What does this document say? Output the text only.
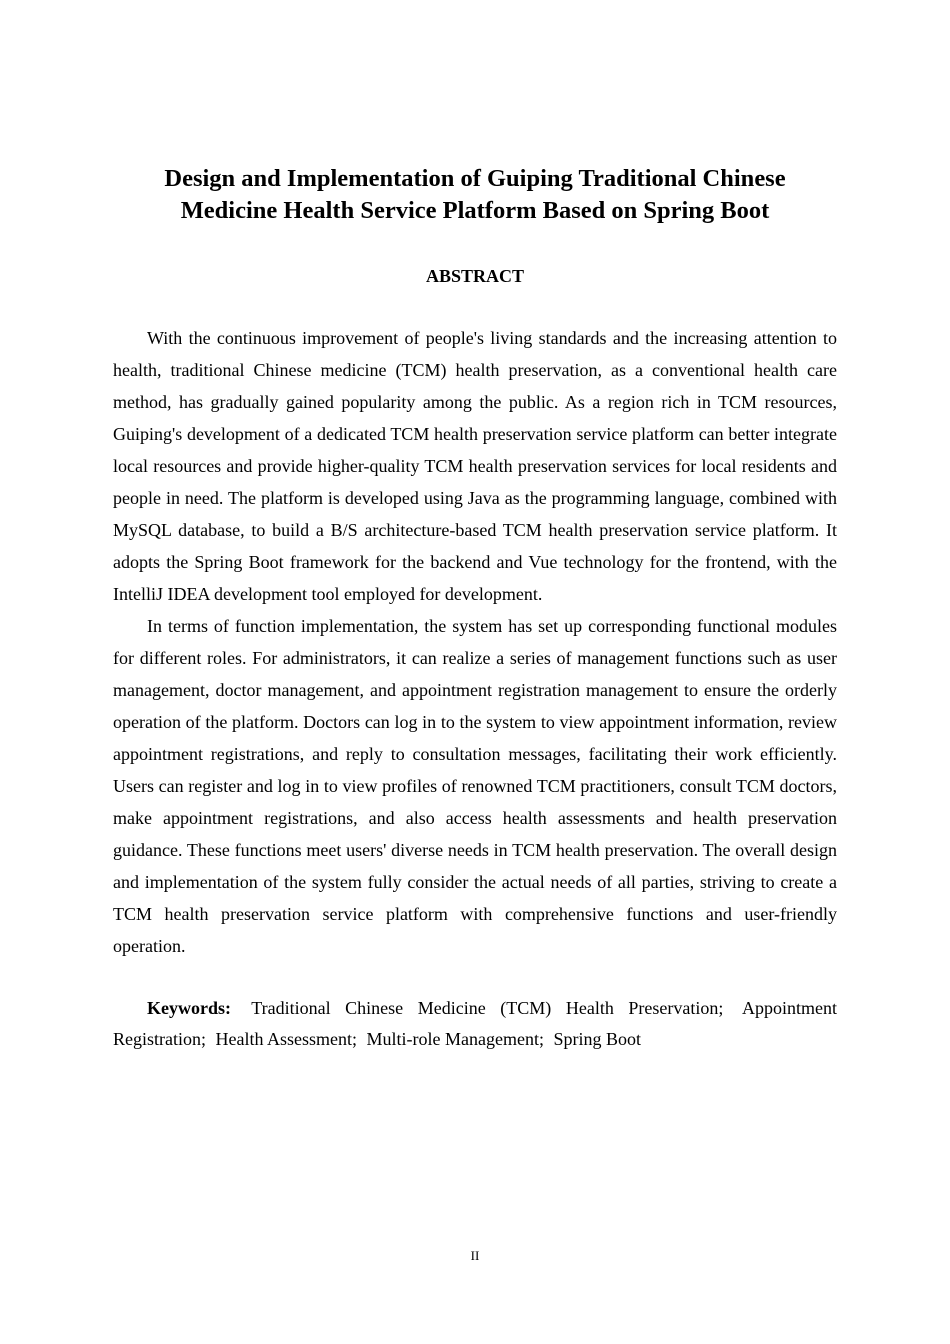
Design and Implementation of Guiping Traditional Chinese
Medicine Health Service Platform Based on Spring Boot
ABSTRACT

With the continuous improvement of people's living standards and the increasing attention to health, traditional Chinese medicine (TCM) health preservation, as a conventional health care method, has gradually gained popularity among the public. As a region rich in TCM resources, Guiping's development of a dedicated TCM health preservation service platform can better integrate local resources and provide higher-quality TCM health preservation services for local residents and people in need. The platform is developed using Java as the programming language, combined with MySQL database, to build a B/S architecture-based TCM health preservation service platform. It adopts the Spring Boot framework for the backend and Vue technology for the frontend, with the IntelliJ IDEA development tool employed for development.

In terms of function implementation, the system has set up corresponding functional modules for different roles. For administrators, it can realize a series of management functions such as user management, doctor management, and appointment registration management to ensure the orderly operation of the platform. Doctors can log in to the system to view appointment information, review appointment registrations, and reply to consultation messages, facilitating their work efficiently. Users can register and log in to view profiles of renowned TCM practitioners, consult TCM doctors, make appointment registrations, and also access health assessments and health preservation guidance. These functions meet users' diverse needs in TCM health preservation. The overall design and implementation of the system fully consider the actual needs of all parties, striving to create a TCM health preservation service platform with comprehensive functions and user-friendly operation.

Keywords: Traditional Chinese Medicine (TCM) Health Preservation; Appointment Registration; Health Assessment; Multi-role Management; Spring Boot

II
